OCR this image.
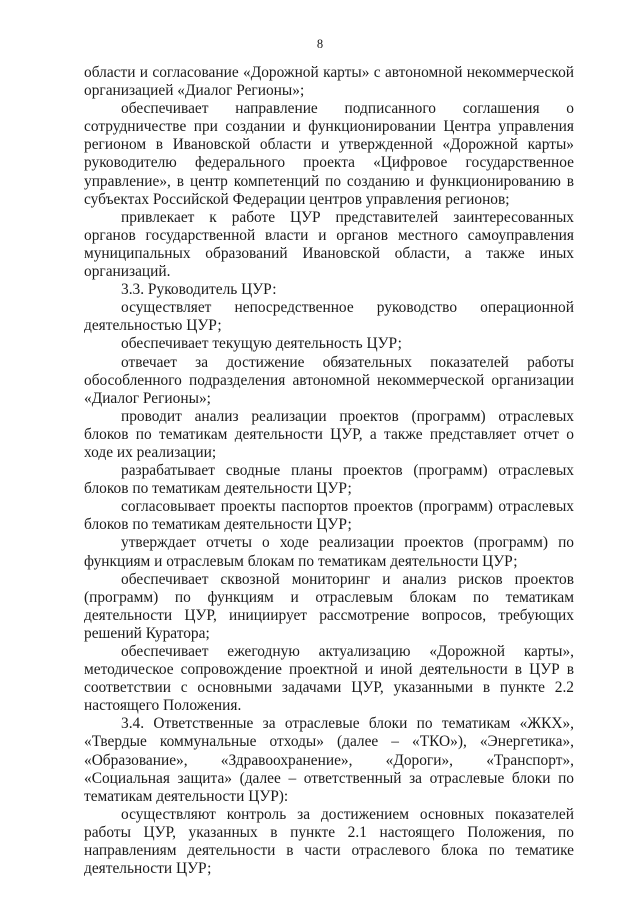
8

области и согласование «Дорожной карты» с автономной некоммерческой организацией «Диалог Регионы»;

обеспечивает направление подписанного соглашения о сотрудничестве при создании и функционировании Центра управления регионом в Ивановской области и утвержденной «Дорожной карты» руководителю федерального проекта «Цифровое государственное управление», в центр компетенций по созданию и функционированию в субъектах Российской Федерации центров управления регионов;

привлекает к работе ЦУР представителей заинтересованных органов государственной власти и органов местного самоуправления муниципальных образований Ивановской области, а также иных организаций.

3.3. Руководитель ЦУР:

осуществляет непосредственное руководство операционной деятельностью ЦУР;

обеспечивает текущую деятельность ЦУР;

отвечает за достижение обязательных показателей работы обособленного подразделения автономной некоммерческой организации «Диалог Регионы»;

проводит анализ реализации проектов (программ) отраслевых блоков по тематикам деятельности ЦУР, а также представляет отчет о ходе их реализации;

разрабатывает сводные планы проектов (программ) отраслевых блоков по тематикам деятельности ЦУР;

согласовывает проекты паспортов проектов (программ) отраслевых блоков по тематикам деятельности ЦУР;

утверждает отчеты о ходе реализации проектов (программ) по функциям и отраслевым блокам по тематикам деятельности ЦУР;

обеспечивает сквозной мониторинг и анализ рисков проектов (программ) по функциям и отраслевым блокам по тематикам деятельности ЦУР, инициирует рассмотрение вопросов, требующих решений Куратора;

обеспечивает ежегодную актуализацию «Дорожной карты», методическое сопровождение проектной и иной деятельности в ЦУР в соответствии с основными задачами ЦУР, указанными в пункте 2.2 настоящего Положения.

3.4. Ответственные за отраслевые блоки по тематикам «ЖКХ», «Твердые коммунальные отходы» (далее – «ТКО»), «Энергетика», «Образование», «Здравоохранение», «Дороги», «Транспорт», «Социальная защита» (далее – ответственный за отраслевые блоки по тематикам деятельности ЦУР):

осуществляют контроль за достижением основных показателей работы ЦУР, указанных в пункте 2.1 настоящего Положения, по направлениям деятельности в части отраслевого блока по тематике деятельности ЦУР;
